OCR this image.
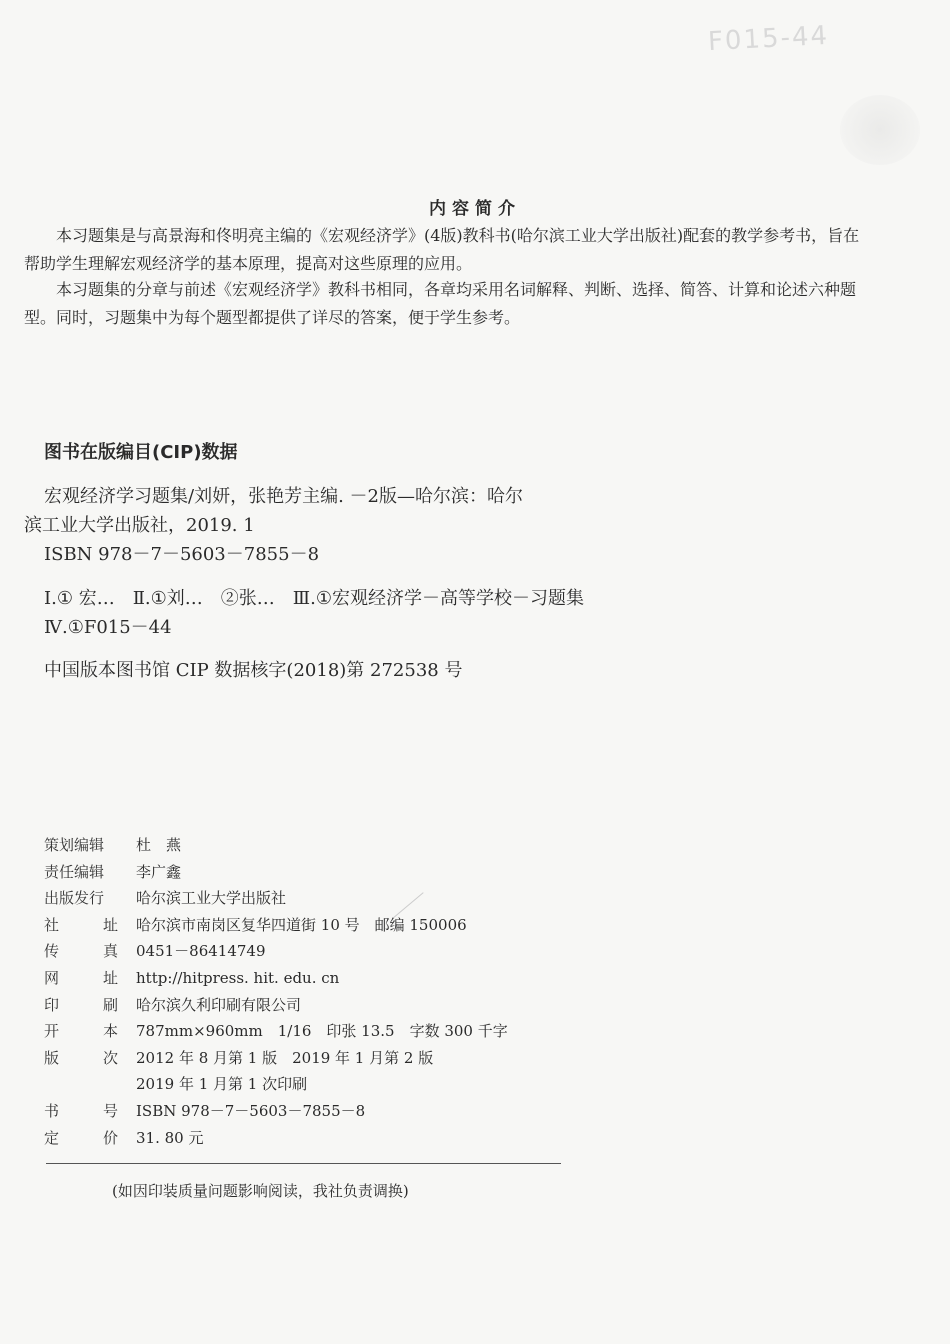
F015-44
内容简介
本习题集是与高景海和佟明亮主编的《宏观经济学》(4版)教科书(哈尔滨工业大学出版社)配套的教学参考书，旨在帮助学生理解宏观经济学的基本原理，提高对这些原理的应用。
本习题集的分章与前述《宏观经济学》教科书相同，各章均采用名词解释、判断、选择、简答、计算和论述六种题型。同时，习题集中为每个题型都提供了详尽的答案，便于学生参考。
图书在版编目(CIP)数据
宏观经济学习题集/刘妍，张艳芳主编. －2版—哈尔滨：哈尔
滨工业大学出版社，2019. 1
ISBN 978－7－5603－7855－8
Ⅰ.① 宏…　Ⅱ.①刘…　②张…　Ⅲ.①宏观经济学－高等学校－习题集
Ⅳ.①F015－44
中国版本图书馆 CIP 数据核字(2018)第 272538 号
策划编辑	杜　燕
责任编辑	李广鑫
出版发行	哈尔滨工业大学出版社
社	址 哈尔滨市南岗区复华四道街 10 号　邮编 150006
传	真 0451－86414749
网	址 http://hitpress. hit. edu. cn
印	刷 哈尔滨久利印刷有限公司
开	本 787mm×960mm　1/16　印张 13.5　字数 300 千字
版	次 2012 年 8 月第 1 版　2019 年 1 月第 2 版
2019 年 1 月第 1 次印刷
书	号 ISBN 978－7－5603－7855－8
定	价 31. 80 元
(如因印装质量问题影响阅读，我社负责调换)
